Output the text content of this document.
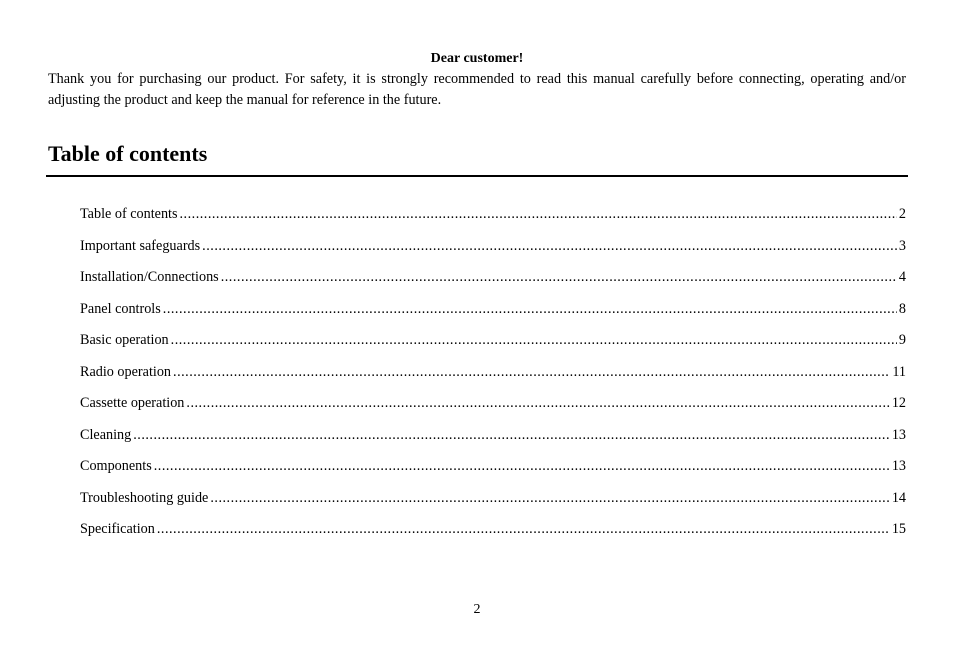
Dear customer!

Thank you for purchasing our product. For safety, it is strongly recommended to read this manual carefully before connecting, operating and/or adjusting the product and keep the manual for reference in the future.

Table of contents
Table of contents .....	2
Important safeguards .....	3
Installation/Connections .....	4
Panel controls .....	8
Basic operation .....	9
Radio operation .....	11
Cassette operation .....	12
Cleaning .....	13
Components .....	13
Troubleshooting guide .....	14
Specification .....	15
2
